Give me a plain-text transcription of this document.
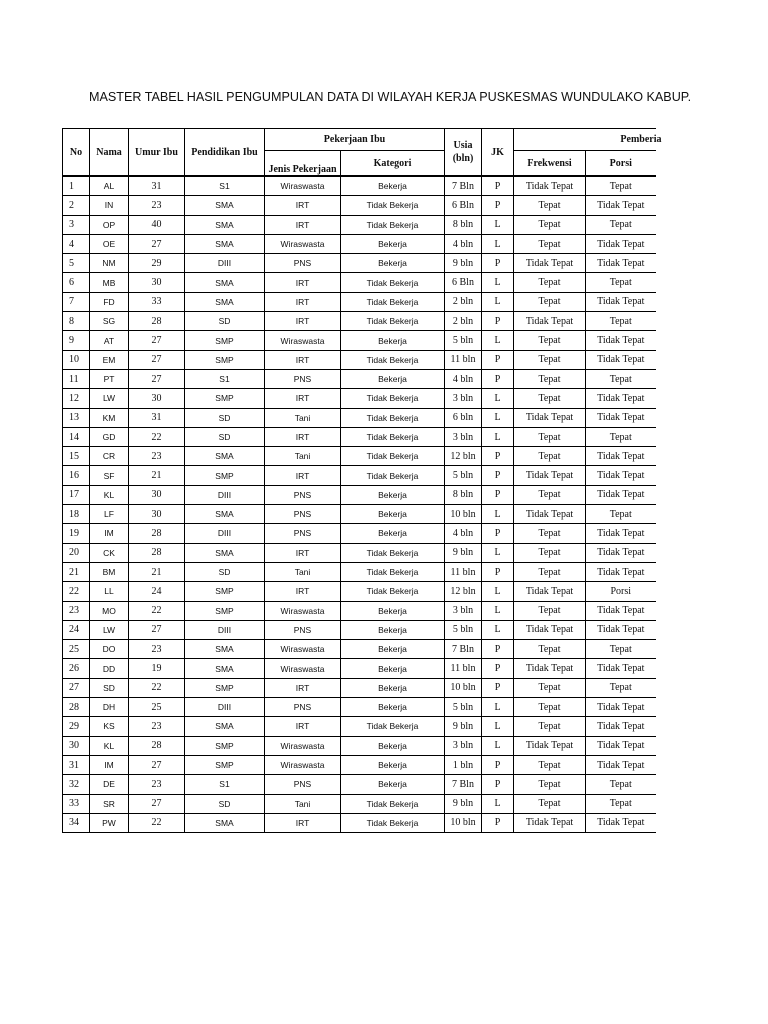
MASTER TABEL HASIL PENGUMPULAN DATA DI WILAYAH KERJA PUSKESMAS WUNDULAKO KABUP.
No	Nama	Umur Ibu	Pendidikan Ibu	Pekerjaan Ibu		Usia (bln)	JK	Pemberia	
				Jenis Pekerjaan	Kategori			Frekwensi	Porsi
1	AL	31	S1	Wiraswasta	Bekerja	7 Bln	P	Tidak Tepat	Tepat
2	IN	23	SMA	IRT	Tidak Bekerja	6 Bln	P	Tepat	Tidak Tepat
3	OP	40	SMA	IRT	Tidak Bekerja	8 bln	L	Tepat	Tepat
4	OE	27	SMA	Wiraswasta	Bekerja	4 bln	L	Tepat	Tidak Tepat
5	NM	29	DIII	PNS	Bekerja	9 bln	P	Tidak Tepat	Tidak Tepat
6	MB	30	SMA	IRT	Tidak Bekerja	6 Bln	L	Tepat	Tepat
7	FD	33	SMA	IRT	Tidak Bekerja	2 bln	L	Tepat	Tidak Tepat
8	SG	28	SD	IRT	Tidak Bekerja	2 bln	P	Tidak Tepat	Tepat
9	AT	27	SMP	Wiraswasta	Bekerja	5 bln	L	Tepat	Tidak Tepat
10	EM	27	SMP	IRT	Tidak Bekerja	11 bln	P	Tepat	Tidak Tepat
11	PT	27	S1	PNS	Bekerja	4 bln	P	Tepat	Tepat
12	LW	30	SMP	IRT	Tidak Bekerja	3 bln	L	Tepat	Tidak Tepat
13	KM	31	SD	Tani	Tidak Bekerja	6 bln	L	Tidak Tepat	Tidak Tepat
14	GD	22	SD	IRT	Tidak Bekerja	3 bln	L	Tepat	Tepat
15	CR	23	SMA	Tani	Tidak Bekerja	12 bln	P	Tepat	Tidak Tepat
16	SF	21	SMP	IRT	Tidak Bekerja	5 bln	P	Tidak Tepat	Tidak Tepat
17	KL	30	DIII	PNS	Bekerja	8 bln	P	Tepat	Tidak Tepat
18	LF	30	SMA	PNS	Bekerja	10 bln	L	Tidak Tepat	Tepat
19	IM	28	DIII	PNS	Bekerja	4 bln	P	Tepat	Tidak Tepat
20	CK	28	SMA	IRT	Tidak Bekerja	9 bln	L	Tepat	Tidak Tepat
21	BM	21	SD	Tani	Tidak Bekerja	11 bln	P	Tepat	Tidak Tepat
22	LL	24	SMP	IRT	Tidak Bekerja	12 bln	L	Tidak Tepat	Porsi
23	MO	22	SMP	Wiraswasta	Bekerja	3 bln	L	Tepat	Tidak Tepat
24	LW	27	DIII	PNS	Bekerja	5 bln	L	Tidak Tepat	Tidak Tepat
25	DO	23	SMA	Wiraswasta	Bekerja	7 Bln	P	Tepat	Tepat
26	DD	19	SMA	Wiraswasta	Bekerja	11 bln	P	Tidak Tepat	Tidak Tepat
27	SD	22	SMP	IRT	Bekerja	10 bln	P	Tepat	Tepat
28	DH	25	DIII	PNS	Bekerja	5 bln	L	Tepat	Tidak Tepat
29	KS	23	SMA	IRT	Tidak Bekerja	9 bln	L	Tepat	Tidak Tepat
30	KL	28	SMP	Wiraswasta	Bekerja	3 bln	L	Tidak Tepat	Tidak Tepat
31	IM	27	SMP	Wiraswasta	Bekerja	1 bln	P	Tepat	Tidak Tepat
32	DE	23	S1	PNS	Bekerja	7 Bln	P	Tepat	Tepat
33	SR	27	SD	Tani	Tidak Bekerja	9 bln	L	Tepat	Tepat
34	PW	22	SMA	IRT	Tidak Bekerja	10 bln	P	Tidak Tepat	Tidak Tepat
